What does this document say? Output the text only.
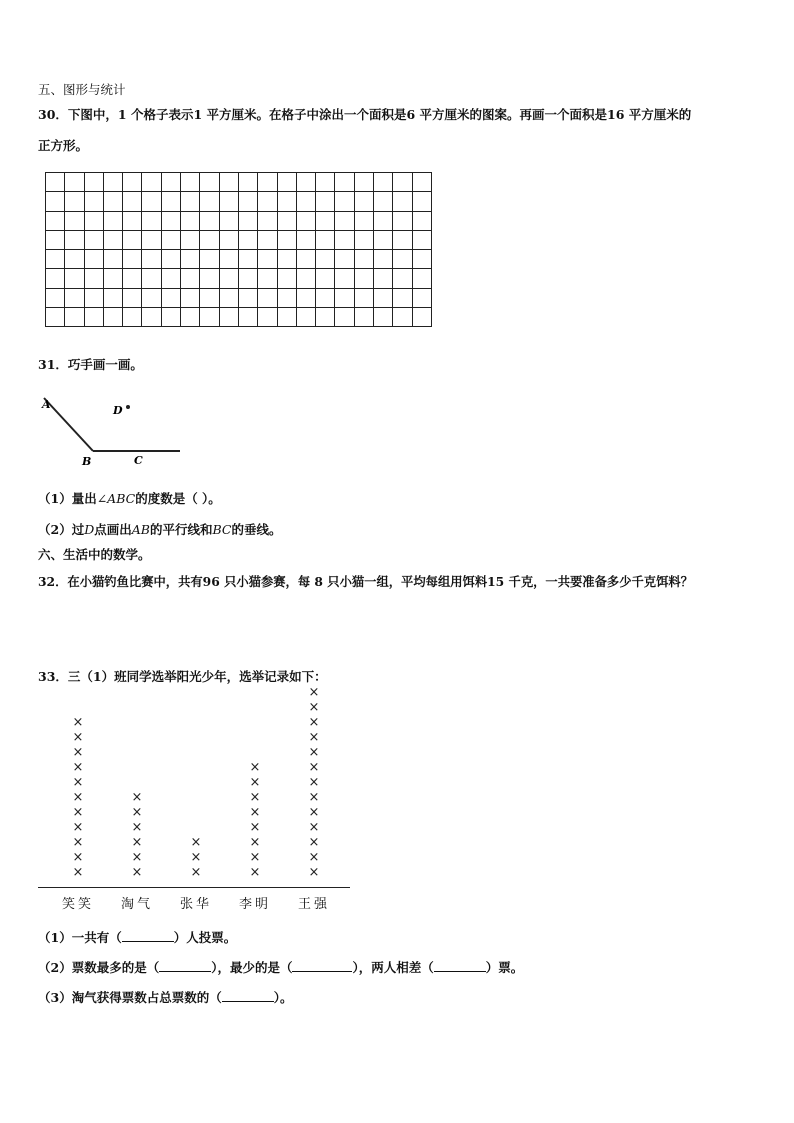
五、图形与统计
30．下图中，1 个格子表示1 平方厘米。在格子中涂出一个面积是6 平方厘米的图案。再画一个面积是16 平方厘米的
正方形。

31．巧手画一画。
A
B	C
D
（1）量出∠ABC的度数是（ ）。
（2）过D点画出AB的平行线和BC的垂线。
六、生活中的数学。
32．在小猫钓鱼比赛中，共有96 只小猫参赛，每 8 只小猫一组，平均每组用饵料15 千克，一共要准备多少千克饵料？
33．三（1）班同学选举阳光少年，选举记录如下：
×
×
×
×
×
×
×
×
×
×
×
笑笑
×
×
×
×
×
×
淘气
×
×
×
张华
×
×
×
×
×
×
×
×
李明
×
×
×
×
×
×
×
×
×
×
×
×
×
王强
（1）一共有（	）人投票。
（2）票数最多的是（	），最少的是（	），两人相差（	）票。
（3）淘气获得票数占总票数的（	）。
